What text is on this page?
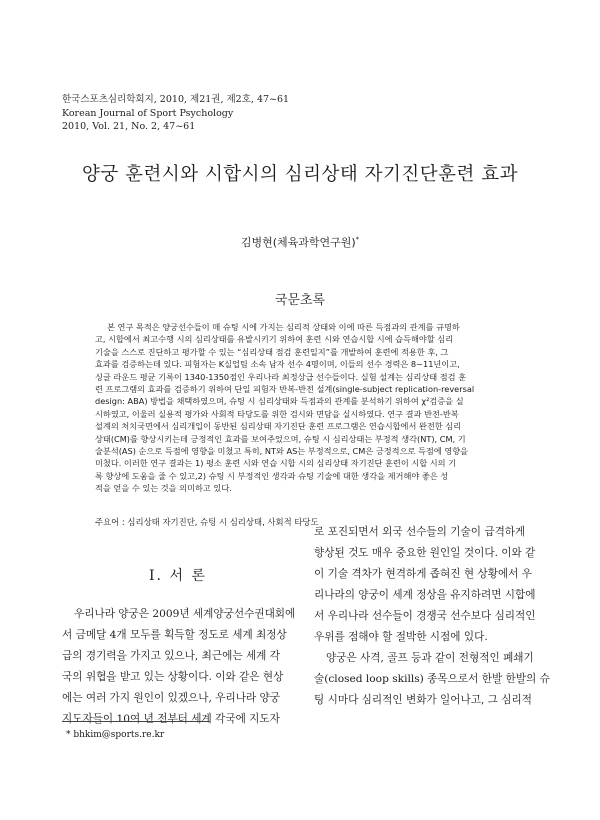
한국스포츠심리학회지, 2010, 제21권, 제2호, 47~61
Korean Journal of Sport Psychology
2010, Vol. 21, No. 2, 47~61
양궁 훈련시와 시합시의 심리상태 자기진단훈련 효과
김병현(체육과학연구원)*
국문초록
본 연구 목적은 양궁선수들이 매 슈팅 시에 가지는 심리적 상태와 이에 따른 득점과의 관계를 규명하
고, 시합에서 최고수행 시의 심리상태를 유발시키기 위하여 훈련 시와 연습시합 시에 습득해야할 심리
기술을 스스로 진단하고 평가할 수 있는 “심리상태 점검 훈련일지”를 개발하여 훈련에 적용한 후, 그
효과를 검증하는데 있다. 피험자는 K실업팀 소속 남자 선수 4명이며, 이들의 선수 경력은 8~11년이고,
싱글 라운드 평균 기록이 1340-1350점인 우리나라 최정상급 선수들이다. 실험 설계는 심리상태 점검 훈
련 프로그램의 효과를 검증하기 위하여 단일 피험자 반복-반전 설계(single-subject replication-reversal
design: ABA) 방법을 채택하였으며, 슈팅 시 심리상태와 득점과의 관계를 분석하기 위하여 χ²검증을 실
시하였고, 이울러 실용적 평가와 사회적 타당도를 위한 검시와 면담을 실시하였다. 연구 결과 반전-반복
설계의 처치국면에서 심리개입이 동반된 심리상태 자기진단 훈련 프로그램은 연습시합에서 완전한 심리
상태(CM)를 향상시키는데 긍정적인 효과를 보여주었으며, 슈팅 시 심리상태는 부정적 생각(NT), CM, 기
술분석(AS) 순으로 득점에 영향을 미쳤고 특히, NT와 AS는 부정적으로, CM은 긍정적으로 득점에 영향을
미쳤다. 이러한 연구 결과는 1) 평소 훈련 시와 연습 시합 시의 심리상태 자기진단 훈련이 시합 시의 기
록 향상에 도움을 줄 수 있고,2) 슈팅 시 부정적인 생각과 슈팅 기술에 대한 생각을 제거해야 좋은 성
적을 얻을 수 있는 것을 의미하고 있다.
주요어 : 심리상태 자기진단, 슈팅 시 심리상태, 사회적 타당도
Ⅰ. 서 론
우리나라 양궁은 2009년 세계양궁선수권대회에
서 금메달 4개 모두를 획득할 정도로 세계 최정상
급의 경기력을 가지고 있으나, 최근에는 세계 각
국의 위협을 받고 있는 상황이다. 이와 같은 현상
에는 여러 가지 원인이 있겠으나, 우리나라 양궁
지도자들이 10여 년 전부터 세계 각국에 지도자
로 포진되면서 외국 선수들의 기술이 급격하게
향상된 것도 매우 중요한 원인일 것이다. 이와 같
이 기술 격차가 현격하게 좁혀진 현 상황에서 우
리나라의 양궁이 세계 정상을 유지하려면 시합에
서 우리나라 선수들이 경쟁국 선수보다 심리적인
우위를 점해야 할 절박한 시점에 있다.
양궁은 사격, 골프 등과 같이 전형적인 폐쇄기
술(closed loop skills) 종목으로서 한발 한발의 슈
팅 시마다 심리적인 변화가 일어나고, 그 심리적
* bhkim@sports.re.kr
